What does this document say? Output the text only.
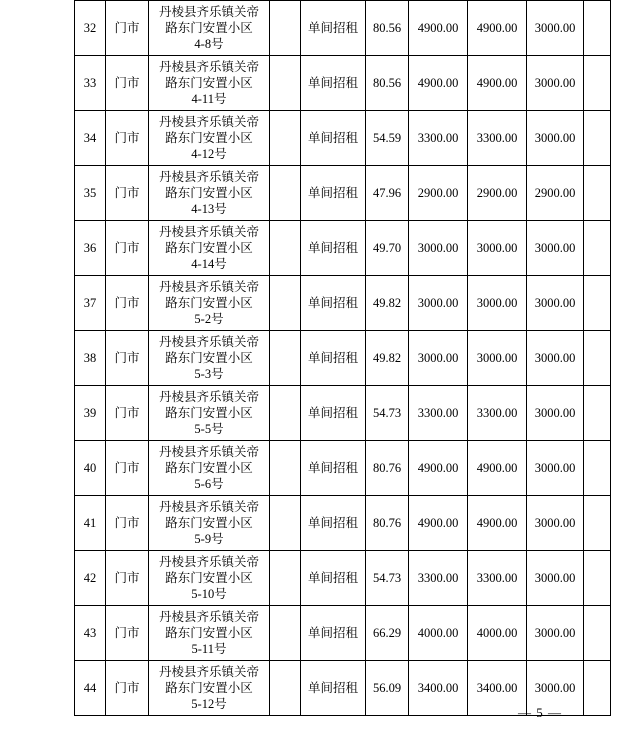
32	门市	丹棱县齐乐镇关帝
路东门安置小区
4-8号		单间招租	80.56	4900.00	4900.00	3000.00	
33	门市	丹棱县齐乐镇关帝
路东门安置小区
4-11号		单间招租	80.56	4900.00	4900.00	3000.00	
34	门市	丹棱县齐乐镇关帝
路东门安置小区
4-12号		单间招租	54.59	3300.00	3300.00	3000.00	
35	门市	丹棱县齐乐镇关帝
路东门安置小区
4-13号		单间招租	47.96	2900.00	2900.00	2900.00	
36	门市	丹棱县齐乐镇关帝
路东门安置小区
4-14号		单间招租	49.70	3000.00	3000.00	3000.00	
37	门市	丹棱县齐乐镇关帝
路东门安置小区
5-2号		单间招租	49.82	3000.00	3000.00	3000.00	
38	门市	丹棱县齐乐镇关帝
路东门安置小区
5-3号		单间招租	49.82	3000.00	3000.00	3000.00	
39	门市	丹棱县齐乐镇关帝
路东门安置小区
5-5号		单间招租	54.73	3300.00	3300.00	3000.00	
40	门市	丹棱县齐乐镇关帝
路东门安置小区
5-6号		单间招租	80.76	4900.00	4900.00	3000.00	
41	门市	丹棱县齐乐镇关帝
路东门安置小区
5-9号		单间招租	80.76	4900.00	4900.00	3000.00	
42	门市	丹棱县齐乐镇关帝
路东门安置小区
5-10号		单间招租	54.73	3300.00	3300.00	3000.00	
43	门市	丹棱县齐乐镇关帝
路东门安置小区
5-11号		单间招租	66.29	4000.00	4000.00	3000.00	
44	门市	丹棱县齐乐镇关帝
路东门安置小区
5-12号		单间招租	56.09	3400.00	3400.00	3000.00	
— 5 —
